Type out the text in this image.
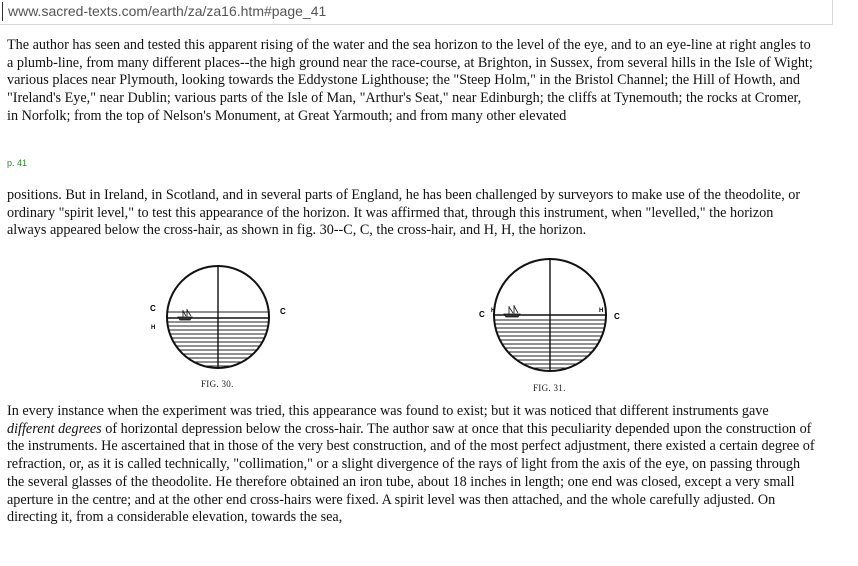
www.sacred-texts.com/earth/za/za16.htm#page_41

The author has seen and tested this apparent rising of the water and the sea horizon to the level of the eye, and to an eye-line at right angles to a plumb-line, from many different places--the high ground near the race-course, at Brighton, in Sussex, from several hills in the Isle of Wight; various places near Plymouth, looking towards the Eddystone Lighthouse; the "Steep Holm," in the Bristol Channel; the Hill of Howth, and "Ireland's Eye," near Dublin; various parts of the Isle of Man, "Arthur's Seat," near Edinburgh; the cliffs at Tynemouth; the rocks at Cromer, in Norfolk; from the top of Nelson's Monument, at Great Yarmouth; and from many other elevated

p. 41

positions. But in Ireland, in Scotland, and in several parts of England, he has been challenged by surveyors to make use of the theodolite, or ordinary "spirit level," to test this appearance of the horizon. It was affirmed that, through this instrument, when "levelled," the horizon always appeared below the cross-hair, as shown in fig. 30--C, C, the cross-hair, and H, H, the horizon.

C	C
H
FIG. 30.
C H	H
C
FIG. 31.

In every instance when the experiment was tried, this appearance was found to exist; but it was noticed that different instruments gave different degrees of horizontal depression below the cross-hair. The author saw at once that this peculiarity depended upon the construction of the instruments. He ascertained that in those of the very best construction, and of the most perfect adjustment, there existed a certain degree of refraction, or, as it is called technically, "collimation," or a slight divergence of the rays of light from the axis of the eye, on passing through the several glasses of the theodolite. He therefore obtained an iron tube, about 18 inches in length; one end was closed, except a very small aperture in the centre; and at the other end cross-hairs were fixed. A spirit level was then attached, and the whole carefully adjusted. On directing it, from a considerable elevation, towards the sea,
